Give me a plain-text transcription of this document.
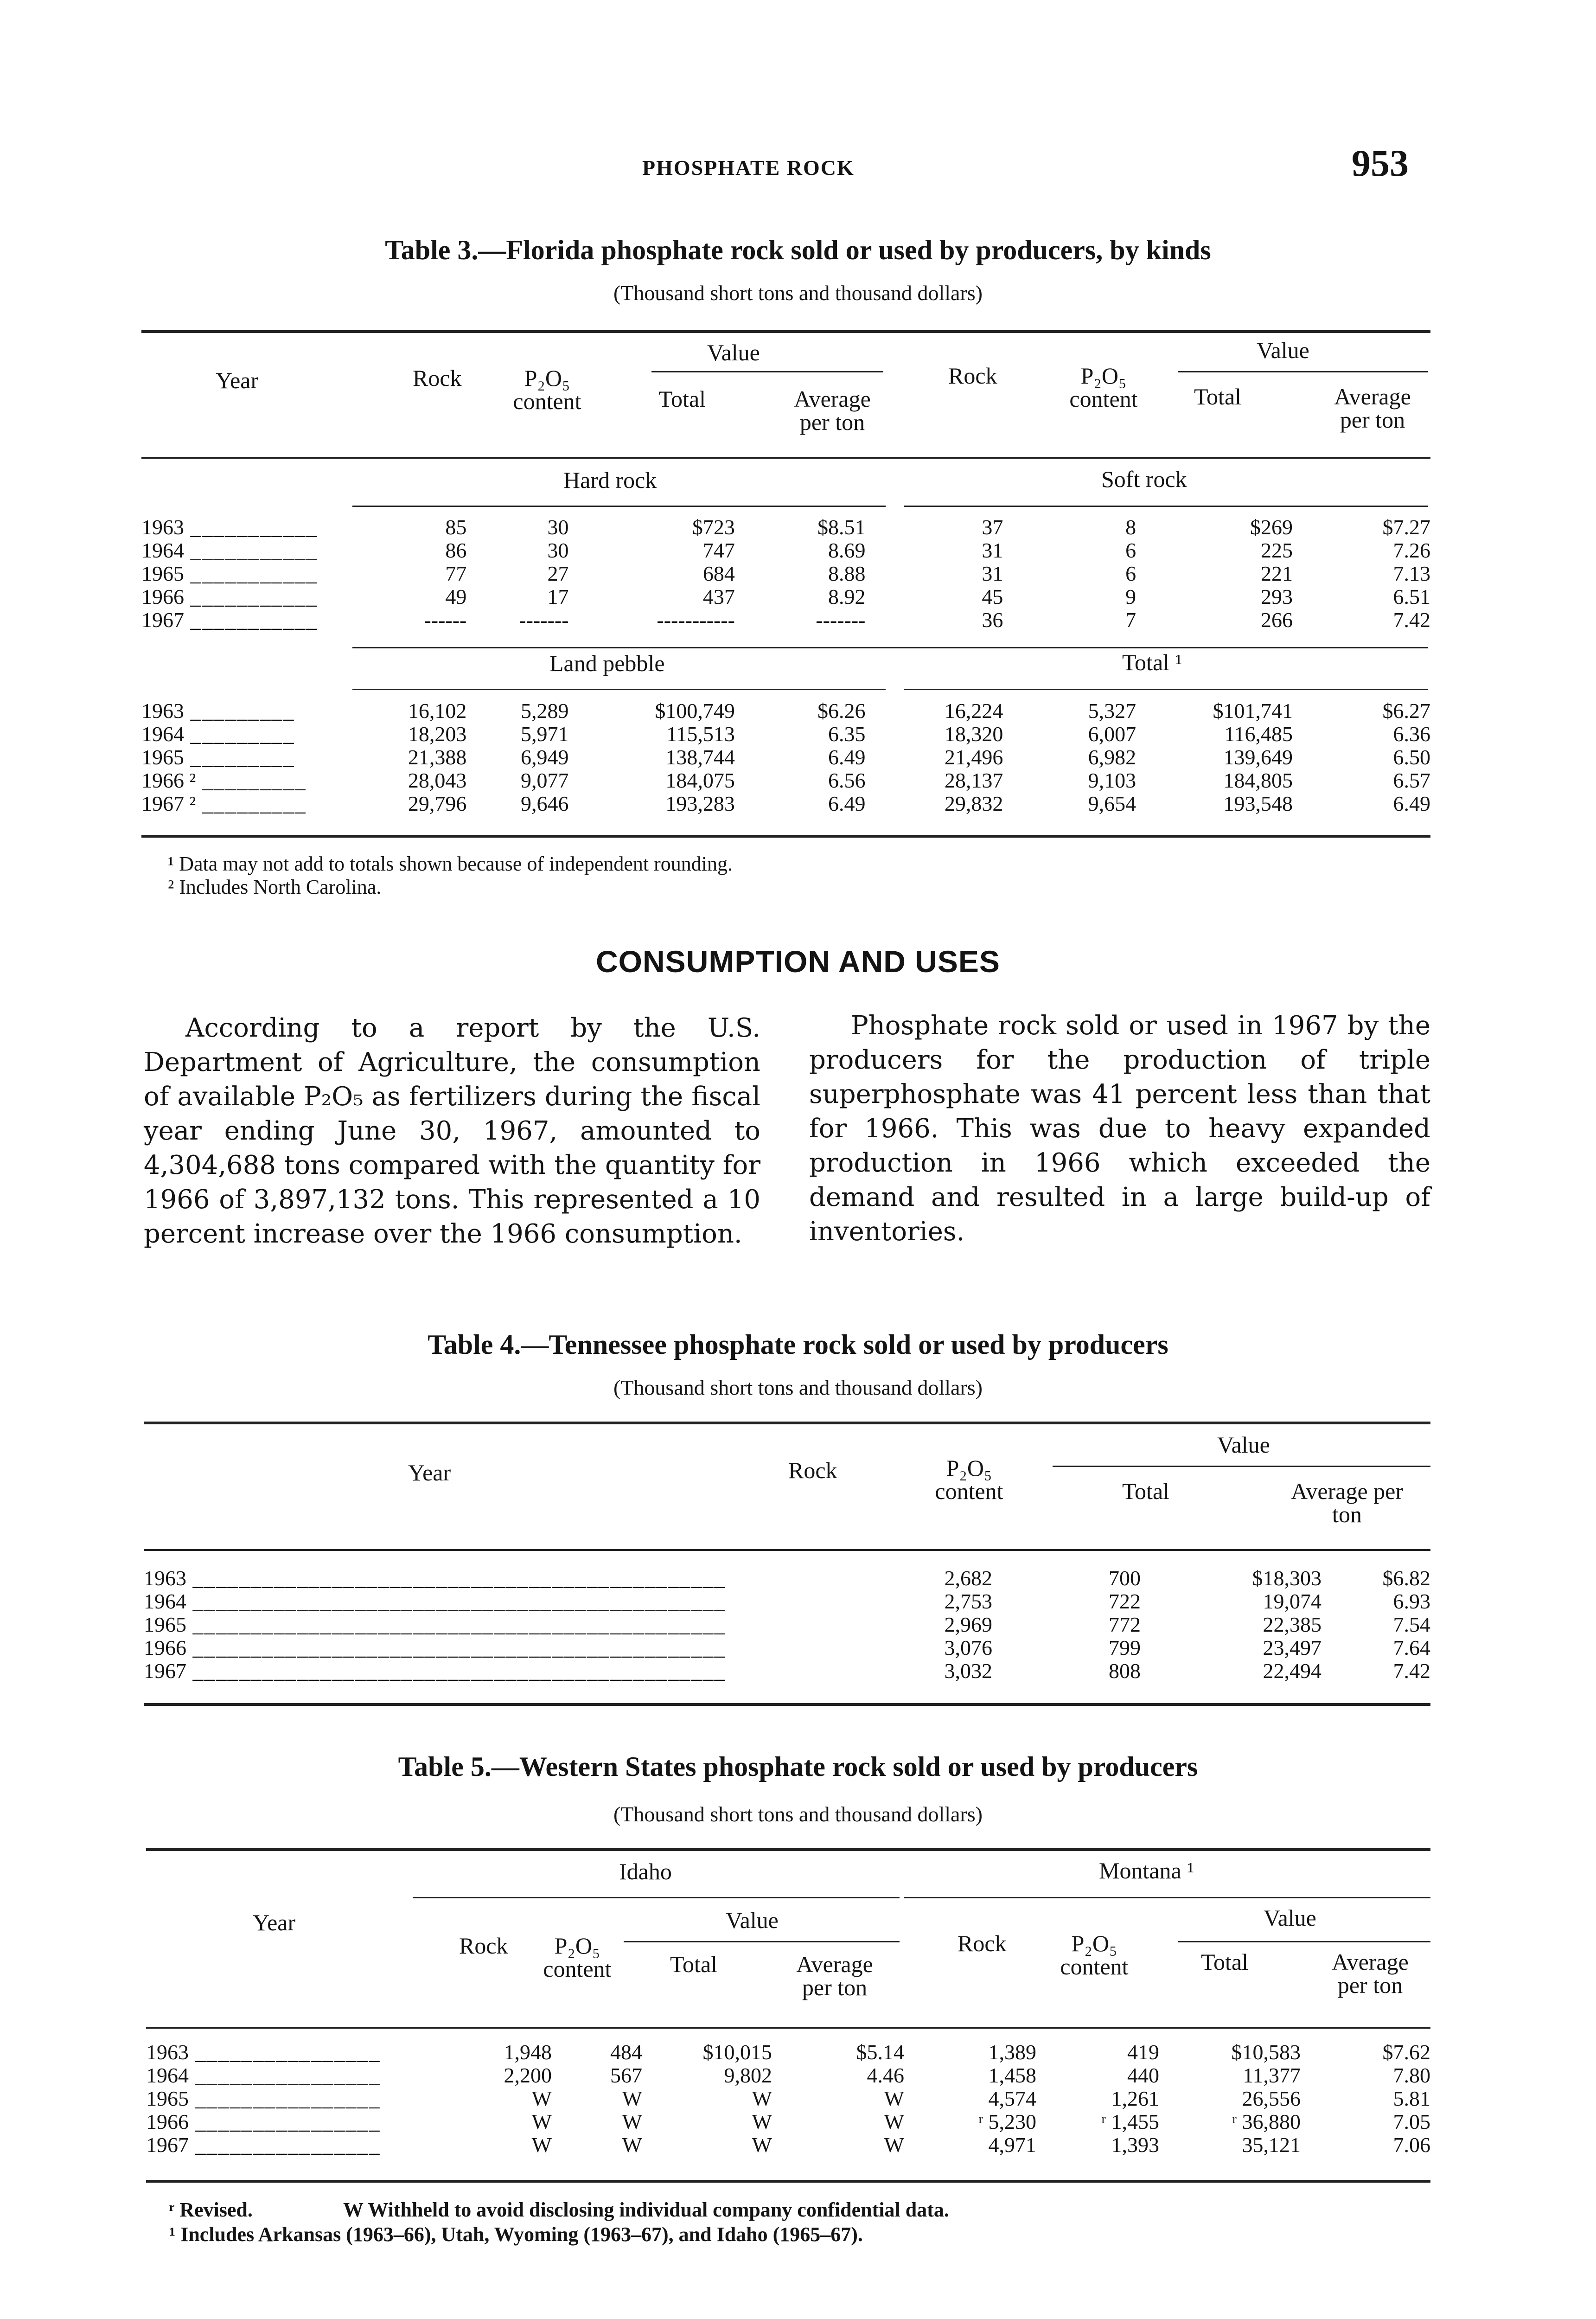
PHOSPHATE ROCK	953
Table 3.—Florida phosphate rock sold or used by producers, by kinds
(Thousand short tons and thousand dollars)
Year	Rock	P₂O₅ content
Value
Total	Average per ton
Rock	P₂O₅ content
Value
Total	Average per ton
Hard rock	Soft rock
1963 ___________	85	30	$723	$8.51	37	8	$269	$7.27
1964 ___________	86	30	747	8.69	31	6	225	7.26
1965 ___________	77	27	684	8.88	31	6	221	7.13
1966 ___________	49	17	437	8.92	45	9	293	6.51
1967 ___________	------	-------	-----------	-------	36	7	266	7.42
Land pebble	Total ¹
1963 _________	16,102	5,289	$100,749	$6.26	16,224	5,327	$101,741	$6.27
1964 _________	18,203	5,971	115,513	6.35	18,320	6,007	116,485	6.36
1965 _________	21,388	6,949	138,744	6.49	21,496	6,982	139,649	6.50
1966 ² _________	28,043	9,077	184,075	6.56	28,137	9,103	184,805	6.57
1967 ² _________	29,796	9,646	193,283	6.49	29,832	9,654	193,548	6.49
¹ Data may not add to totals shown because of independent rounding.
² Includes North Carolina.
CONSUMPTION AND USES
According to a report by the U.S. Department of Agriculture, the consumption of available P₂O₅ as fertilizers during the fiscal year ending June 30, 1967, amounted to 4,304,688 tons compared with the quantity for 1966 of 3,897,132 tons. This represented a 10 percent increase over the 1966 consumption.
Phosphate rock sold or used in 1967 by the producers for the production of triple superphosphate was 41 percent less than that for 1966. This was due to heavy expanded production in 1966 which exceeded the demand and resulted in a large build-up of inventories.
Table 4.—Tennessee phosphate rock sold or used by producers
(Thousand short tons and thousand dollars)
Year	Rock	P₂O₅ content
Value
Total	Average per ton
1963 ______________________________________________	2,682	700	$18,303	$6.82
1964 ______________________________________________	2,753	722	19,074	6.93
1965 ______________________________________________	2,969	772	22,385	7.54
1966 ______________________________________________	3,076	799	23,497	7.64
1967 ______________________________________________	3,032	808	22,494	7.42
Table 5.—Western States phosphate rock sold or used by producers
(Thousand short tons and thousand dollars)
Idaho	Montana ¹
Year
Rock	P₂O₅ content
Value
Total	Average per ton
Rock	P₂O₅ content
Value
Total	Average per ton
1963 ________________	1,948	484	$10,015	$5.14	1,389	419	$10,583	$7.62
1964 ________________	2,200	567	9,802	4.46	1,458	440	11,377	7.80
1965 ________________	W	W	W	W	4,574	1,261	26,556	5.81
1966 ________________	W	W	W	W	ʳ 5,230	ʳ 1,455	ʳ 36,880	7.05
1967 ________________	W	W	W	W	4,971	1,393	35,121	7.06
ʳ Revised.	W Withheld to avoid disclosing individual company confidential data.
¹ Includes Arkansas (1963–66), Utah, Wyoming (1963–67), and Idaho (1965–67).
